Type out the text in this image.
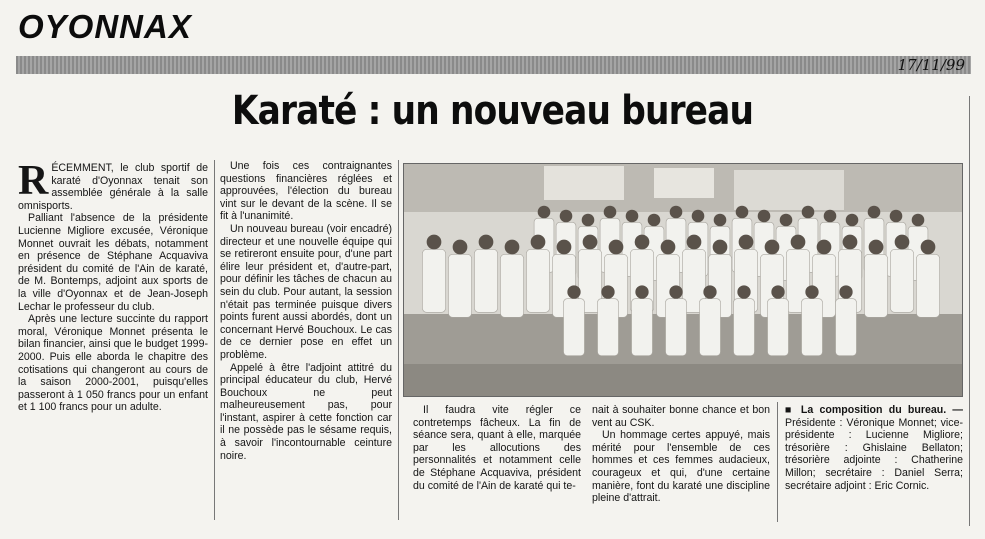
OYONNAX
17/11/99
Karaté : un nouveau bureau

RÉCEMMENT, le club sportif de karaté d'Oyonnax tenait son assemblée générale à la salle omnisports.

Palliant l'absence de la présidente Lucienne Migliore excusée, Véronique Monnet ouvrait les débats, notamment en présence de Stéphane Acquaviva président du comité de l'Ain de karaté, de M. Bontemps, adjoint aux sports de la ville d'Oyonnax et de Jean-Joseph Lechar le professeur du club.

Après une lecture succinte du rapport moral, Véronique Monnet présenta le bilan financier, ainsi que le budget 1999-2000. Puis elle aborda le chapitre des cotisations qui changeront au cours de la saison 2000-2001, puisqu'elles passeront à 1 050 francs pour un enfant et 1 100 francs pour un adulte.

Une fois ces contraignantes questions financières réglées et approuvées, l'élection du bureau vint sur le devant de la scène. Il se fit à l'unanimité.

Un nouveau bureau (voir encadré) directeur et une nouvelle équipe qui se retireront ensuite pour, d'une part élire leur président et, d'autre-part, pour définir les tâches de chacun au sein du club. Pour autant, la session n'était pas terminée puisque divers points furent aussi abordés, dont un concernant Hervé Bouchoux. Le cas de ce dernier pose en effet un problème.

Appelé à être l'adjoint attitré du principal éducateur du club, Hervé Bouchoux ne peut malheureusement pas, pour l'instant, aspirer à cette fonction car il ne possède pas le sésame requis, à savoir l'incontournable ceinture noire.

Il faudra vite régler ce contretemps fâcheux. La fin de séance sera, quant à elle, marquée par les allocutions des personnalités et notamment celle de Stéphane Acquaviva, président du comité de l'Ain de karaté qui te-

nait à souhaiter bonne chance et bon vent au CSK.

Un hommage certes appuyé, mais mérité pour l'ensemble de ces hommes et ces femmes audacieux, courageux et qui, d'une certaine manière, font du karaté une discipline pleine d'attrait.

■ La composition du bureau. — Présidente : Véronique Monnet; vice-présidente : Lucienne Migliore; trésorière : Ghislaine Bellaton; trésorière adjointe : Chatherine Millon; secrétaire : Daniel Serra; secrétaire adjoint : Eric Cornic.
